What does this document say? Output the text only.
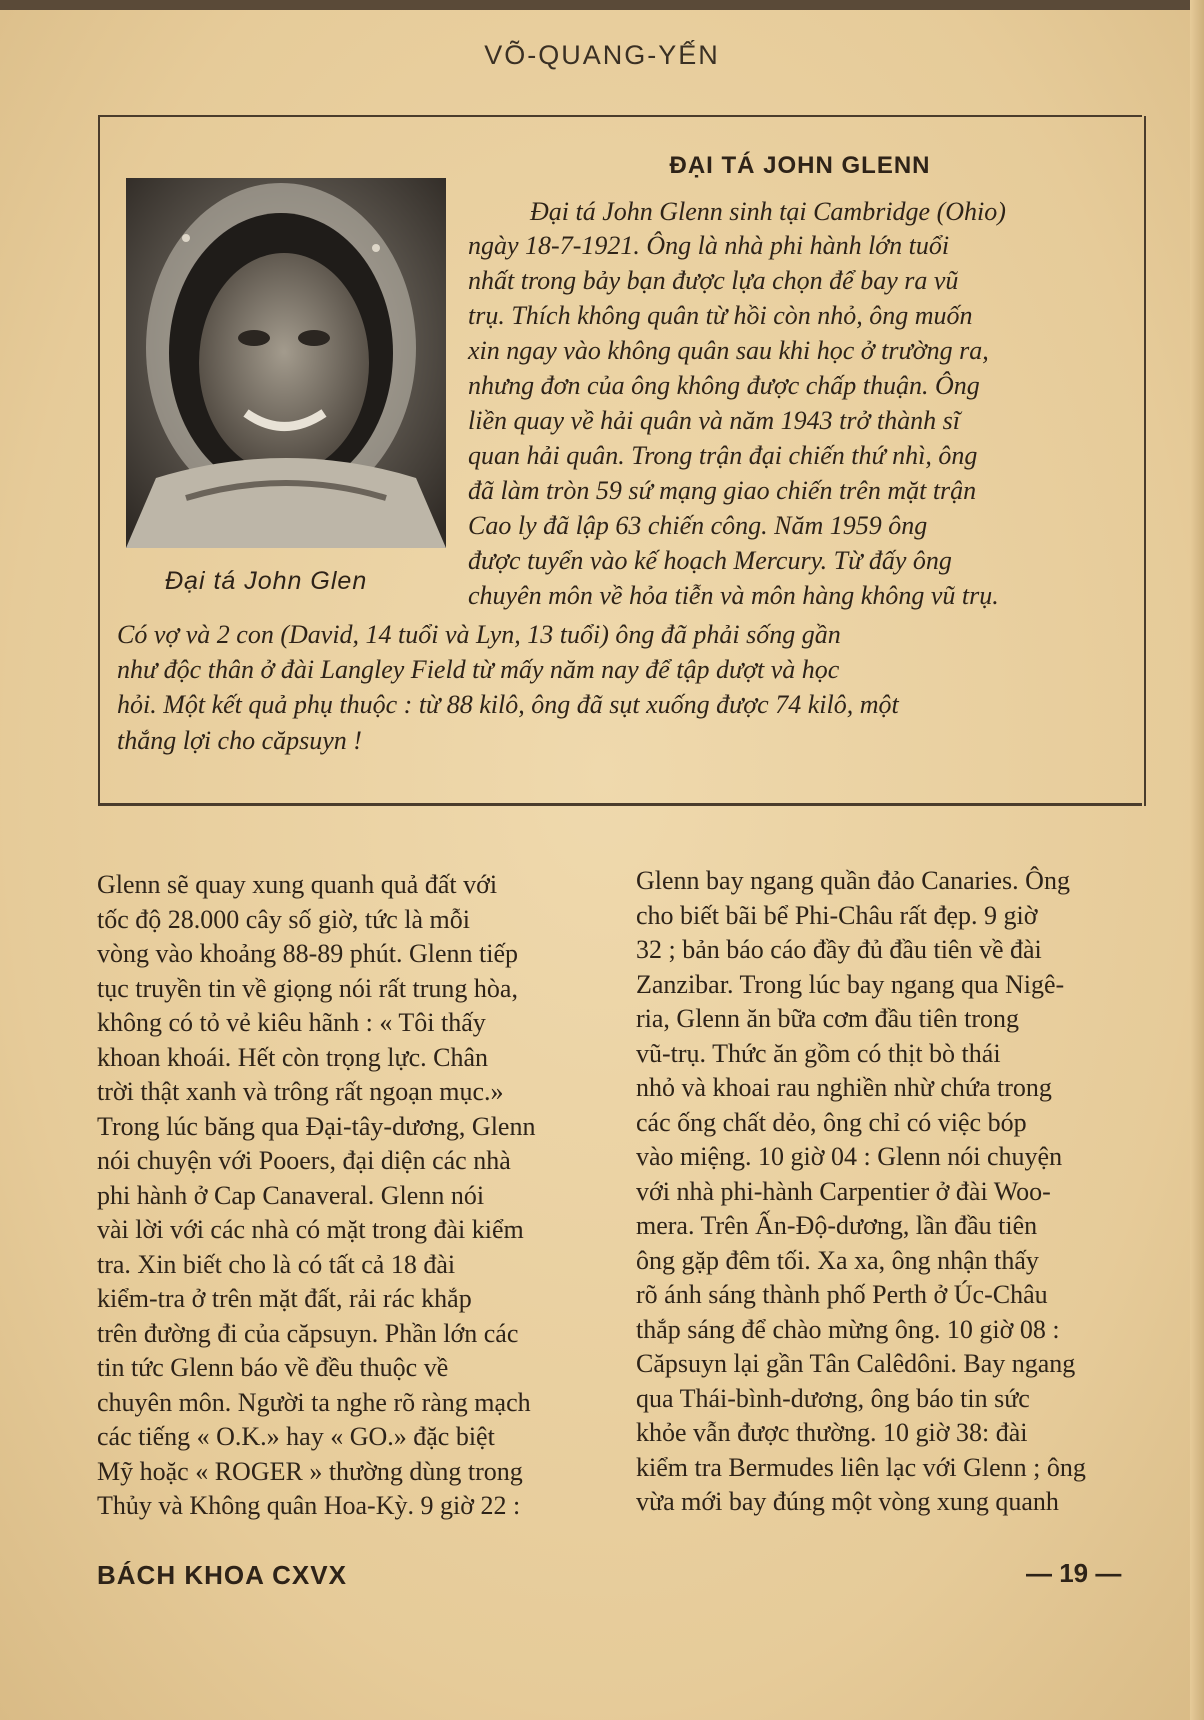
VÕ-QUANG-YẾN
ĐẠI TÁ JOHN GLENN
Đại tá John Glen
Đại tá John Glenn sinh tại Cambridge (Ohio)
ngày 18-7-1921. Ông là nhà phi hành lớn tuổi
nhất trong bảy bạn được lựa chọn để bay ra vũ
trụ. Thích không quân từ hồi còn nhỏ, ông muốn
xin ngay vào không quân sau khi học ở trường ra,
nhưng đơn của ông không được chấp thuận. Ông
liền quay về hải quân và năm 1943 trở thành sĩ
quan hải quân. Trong trận đại chiến thứ nhì, ông
đã làm tròn 59 sứ mạng giao chiến trên mặt trận
Cao ly đã lập 63 chiến công. Năm 1959 ông
được tuyển vào kế hoạch Mercury. Từ đấy ông
chuyên môn về hỏa tiễn và môn hàng không vũ trụ.
Có vợ và 2 con (David, 14 tuổi và Lyn, 13 tuổi) ông đã phải sống gần
như độc thân ở đài Langley Field từ mấy năm nay để tập dượt và học
hỏi. Một kết quả phụ thuộc : từ 88 kilô, ông đã sụt xuống được 74 kilô, một
thắng lợi cho căpsuyn !
Glenn sẽ quay xung quanh quả đất với
tốc độ 28.000 cây số giờ, tức là mỗi
vòng vào khoảng 88-89 phút. Glenn tiếp
tục truyền tin về giọng nói rất trung hòa,
không có tỏ vẻ kiêu hãnh : « Tôi thấy
khoan khoái. Hết còn trọng lực. Chân
trời thật xanh và trông rất ngoạn mục.»
Trong lúc băng qua Đại-tây-dương, Glenn
nói chuyện với Pooers, đại diện các nhà
phi hành ở Cap Canaveral. Glenn nói
vài lời với các nhà có mặt trong đài kiểm
tra. Xin biết cho là có tất cả 18 đài
kiểm-tra ở trên mặt đất, rải rác khắp
trên đường đi của căpsuyn. Phần lớn các
tin tức Glenn báo về đều thuộc về
chuyên môn. Người ta nghe rõ ràng mạch
các tiếng « O.K.» hay « GO.» đặc biệt
Mỹ hoặc « ROGER » thường dùng trong
Thủy và Không quân Hoa-Kỳ. 9 giờ 22 :
Glenn bay ngang quần đảo Canaries. Ông
cho biết bãi bể Phi-Châu rất đẹp. 9 giờ
32 ; bản báo cáo đầy đủ đầu tiên về đài
Zanzibar. Trong lúc bay ngang qua Nigê-
ria, Glenn ăn bữa cơm đầu tiên trong
vũ-trụ. Thức ăn gồm có thịt bò thái
nhỏ và khoai rau nghiền nhừ chứa trong
các ống chất dẻo, ông chỉ có việc bóp
vào miệng. 10 giờ 04 : Glenn nói chuyện
với nhà phi-hành Carpentier ở đài Woo-
mera. Trên Ấn-Độ-dương, lần đầu tiên
ông gặp đêm tối. Xa xa, ông nhận thấy
rõ ánh sáng thành phố Perth ở Úc-Châu
thắp sáng để chào mừng ông. 10 giờ 08 :
Căpsuyn lại gần Tân Calêdôni. Bay ngang
qua Thái-bình-dương, ông báo tin sức
khỏe vẫn được thường. 10 giờ 38: đài
kiểm tra Bermudes liên lạc với Glenn ; ông
vừa mới bay đúng một vòng xung quanh
BÁCH KHOA CXVX	— 19 —
